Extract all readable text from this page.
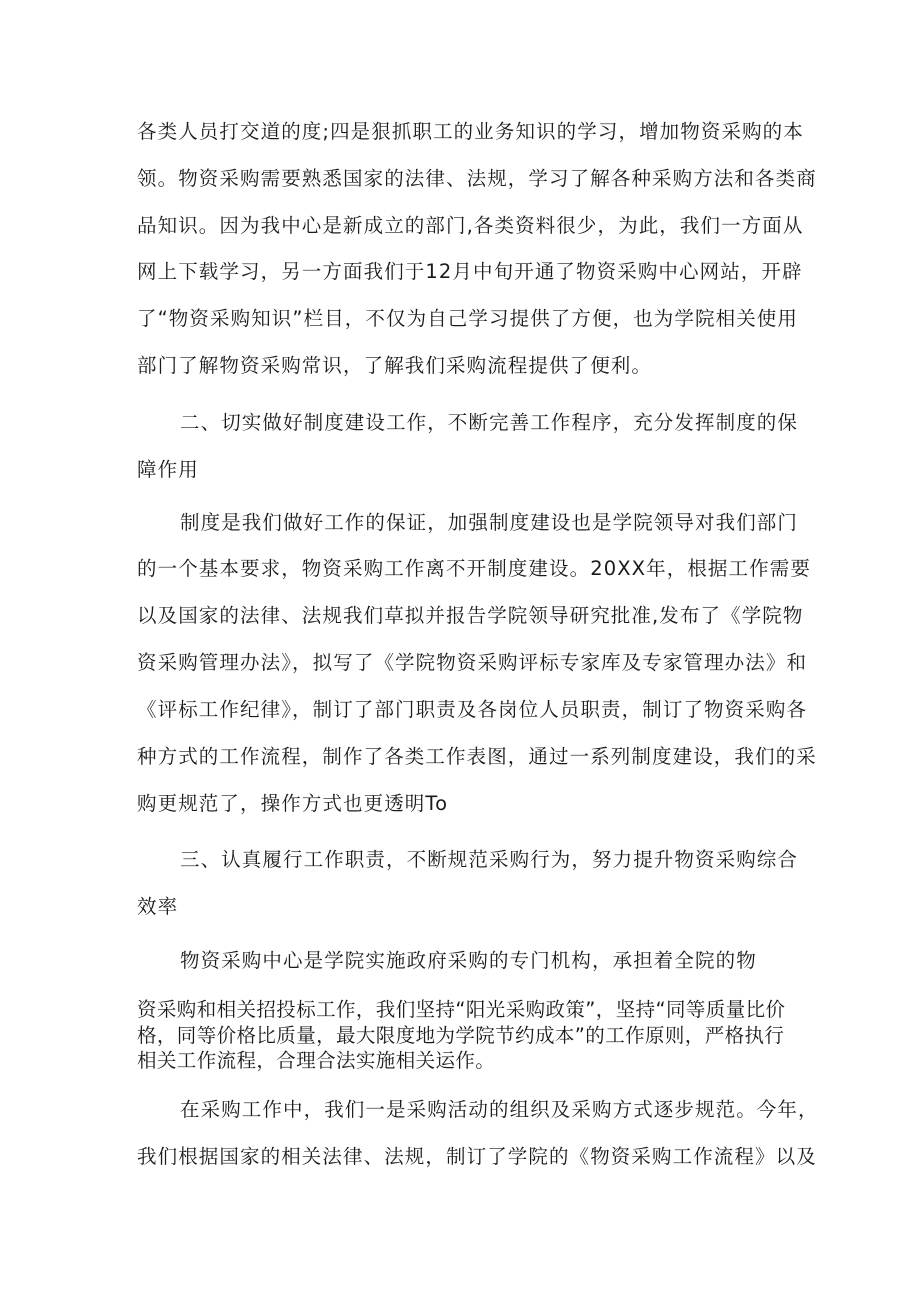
各类人员打交道的度;四是狠抓职工的业务知识的学习，增加物资采购的本
领。物资采购需要熟悉国家的法律、法规，学习了解各种采购方法和各类商
品知识。因为我中心是新成立的部门,各类资料很少，为此，我们一方面从
网上下载学习，另一方面我们于12月中旬开通了物资采购中心网站，开辟
了“物资采购知识”栏目，不仅为自己学习提供了方便，也为学院相关使用
部门了解物资采购常识，了解我们采购流程提供了便利。
二、切实做好制度建设工作，不断完善工作程序，充分发挥制度的保
障作用
制度是我们做好工作的保证，加强制度建设也是学院领导对我们部门
的一个基本要求，物资采购工作离不开制度建设。20XX年，根据工作需要
以及国家的法律、法规我们草拟并报告学院领导研究批准,发布了《学院物
资采购管理办法》，拟写了《学院物资采购评标专家库及专家管理办法》和
《评标工作纪律》，制订了部门职责及各岗位人员职责，制订了物资采购各
种方式的工作流程，制作了各类工作表图，通过一系列制度建设，我们的采
购更规范了，操作方式也更透明To
三、认真履行工作职责，不断规范采购行为，努力提升物资采购综合
效率
物资采购中心是学院实施政府采购的专门机构，承担着全院的物
资采购和相关招投标工作，我们坚持“阳光采购政策”，坚持“同等质量比价格，同等价格比质量，最大限度地为学院节约成本”的工作原则，严格执行相关工作流程，合理合法实施相关运作。
在采购工作中，我们一是采购活动的组织及采购方式逐步规范。今年，
我们根据国家的相关法律、法规，制订了学院的《物资采购工作流程》以及
